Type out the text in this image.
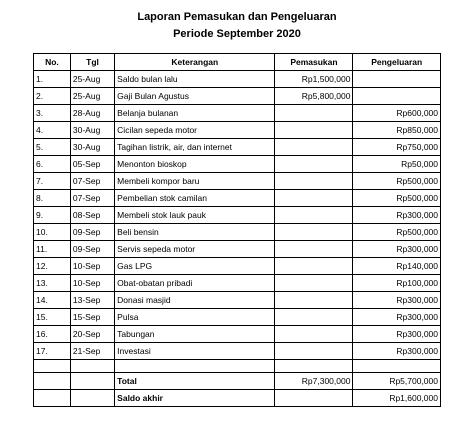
Laporan Pemasukan dan Pengeluaran
Periode September 2020
No.	Tgl	Keterangan	Pemasukan	Pengeluaran
1.	25-Aug	Saldo bulan lalu	Rp1,500,000	
2.	25-Aug	Gaji Bulan Agustus	Rp5,800,000	
3.	28-Aug	Belanja bulanan		Rp600,000
4.	30-Aug	Cicilan sepeda motor		Rp850,000
5.	30-Aug	Tagihan listrik, air, dan internet		Rp750,000
6.	05-Sep	Menonton bioskop		Rp50,000
7.	07-Sep	Membeli kompor baru		Rp500,000
8.	07-Sep	Pembelian stok camilan		Rp500,000
9.	08-Sep	Membeli stok lauk pauk		Rp300,000
10.	09-Sep	Beli bensin		Rp500,000
11.	09-Sep	Servis sepeda motor		Rp300,000
12.	10-Sep	Gas LPG		Rp140,000
13.	10-Sep	Obat-obatan pribadi		Rp100,000
14.	13-Sep	Donasi masjid		Rp300,000
15.	15-Sep	Pulsa		Rp300,000
16.	20-Sep	Tabungan		Rp300,000
17.	21-Sep	Investasi		Rp300,000

		Total	Rp7,300,000	Rp5,700,000
		Saldo akhir		Rp1,600,000
